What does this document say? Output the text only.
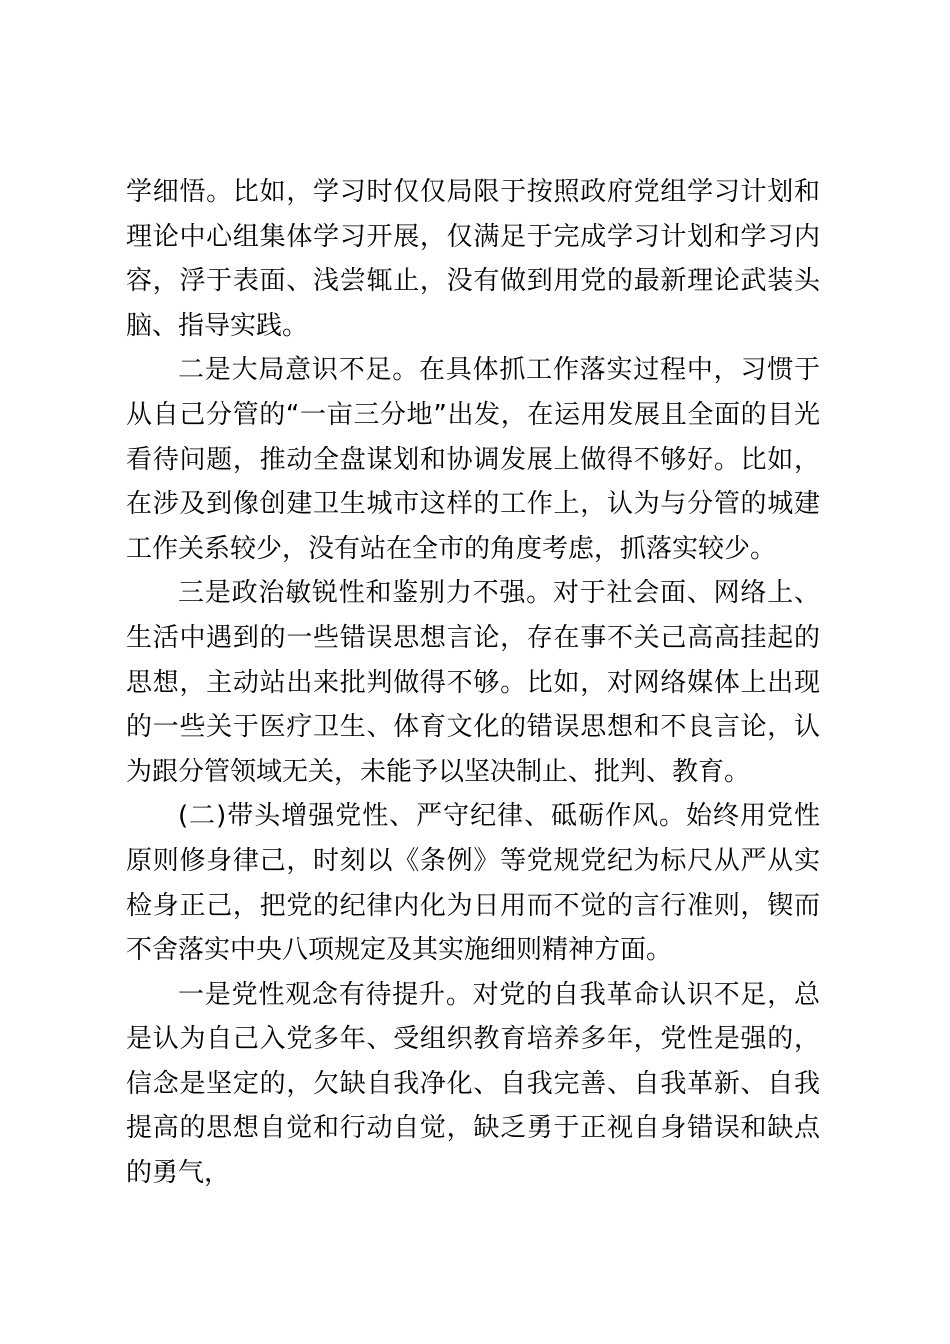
学细悟。比如，学习时仅仅局限于按照政府党组学习计划和理论中心组集体学习开展，仅满足于完成学习计划和学习内容，浮于表面、浅尝辄止，没有做到用党的最新理论武装头脑、指导实践。

二是大局意识不足。在具体抓工作落实过程中，习惯于从自己分管的“一亩三分地”出发，在运用发展且全面的目光看待问题，推动全盘谋划和协调发展上做得不够好。比如，在涉及到像创建卫生城市这样的工作上，认为与分管的城建工作关系较少，没有站在全市的角度考虑，抓落实较少。

三是政治敏锐性和鉴别力不强。对于社会面、网络上、生活中遇到的一些错误思想言论，存在事不关己高高挂起的思想，主动站出来批判做得不够。比如，对网络媒体上出现的一些关于医疗卫生、体育文化的错误思想和不良言论，认为跟分管领域无关，未能予以坚决制止、批判、教育。

(二)带头增强党性、严守纪律、砥砺作风。始终用党性原则修身律己，时刻以《条例》等党规党纪为标尺从严从实检身正己，把党的纪律内化为日用而不觉的言行准则，锲而不舍落实中央八项规定及其实施细则精神方面。

一是党性观念有待提升。对党的自我革命认识不足，总是认为自己入党多年、受组织教育培养多年，党性是强的，信念是坚定的，欠缺自我净化、自我完善、自我革新、自我提高的思想自觉和行动自觉，缺乏勇于正视自身错误和缺点的勇气，
